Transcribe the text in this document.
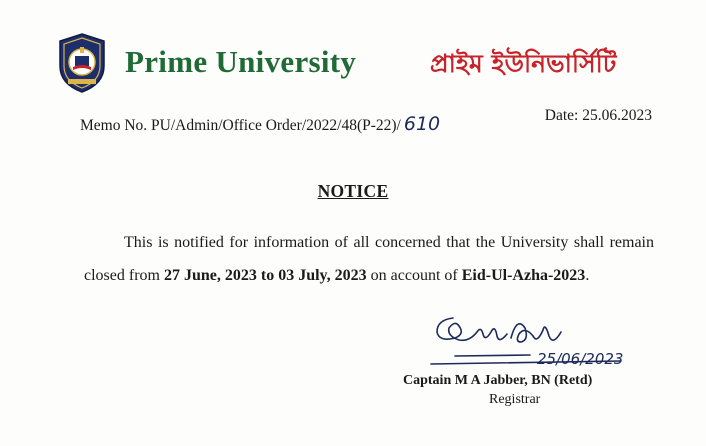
Prime University	প্রাইম ইউনিভার্সিটি
Memo No. PU/Admin/Office Order/2022/48(P-22)/ 610	Date: 25.06.2023
NOTICE
This is notified for information of all concerned that the University shall remain closed from 27 June, 2023 to 03 July, 2023 on account of Eid-Ul-Azha-2023.
25/06/2023
Captain M A Jabber, BN (Retd)
Registrar
